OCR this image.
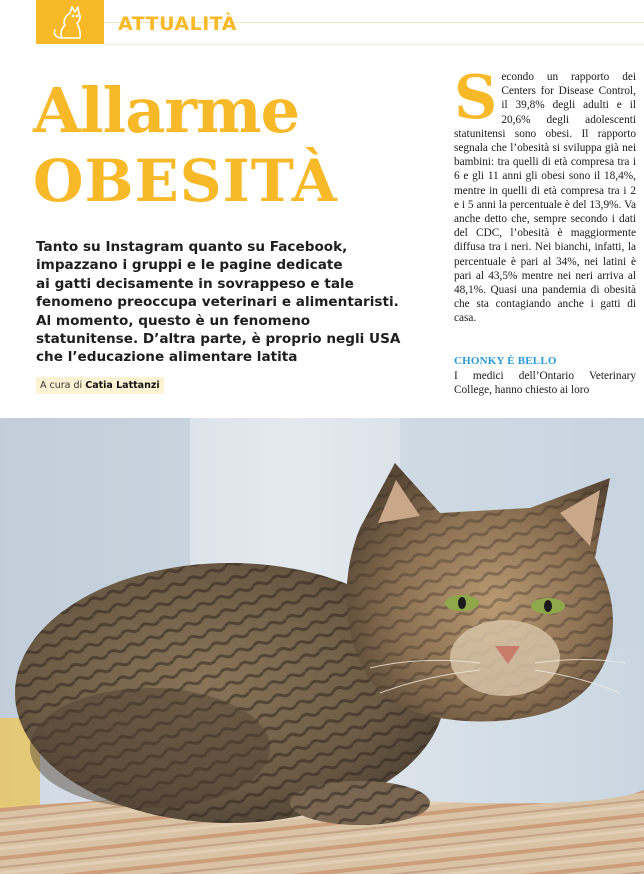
ATTUALITÀ
Allarme
OBESITÀ
Tanto su Instagram quanto su Facebook,
impazzano i gruppi e le pagine dedicate
ai gatti decisamente in sovrappeso e tale
fenomeno preoccupa veterinari e alimentaristi.
Al momento, questo è un fenomeno
statunitense. D’altra parte, è proprio negli USA
che l’educazione alimentare latita
A cura di Catia Lattanzi
S econdo un rapporto dei Centers for Disease Control, il 39,8% degli adulti e il 20,6% degli adolescenti statunitensi sono obesi. Il rapporto segnala che l’obesità si sviluppa già nei bambini: tra quelli di età compresa tra i 6 e gli 11 anni gli obesi sono il 18,4%, mentre in quelli di età compresa tra i 2 e i 5 anni la percentuale è del 13,9%. Va anche detto che, sempre secondo i dati del CDC, l’obesità è maggiormente diffusa tra i neri. Nei bianchi, infatti, la percentuale è pari al 34%, nei latini è pari al 43,5% mentre nei neri arriva al 48,1%. Quasi una pandemia di obesità che sta contagiando anche i gatti di casa.

CHONKY È BELLO
I medici dell’Ontario Veterinary College, hanno chiesto ai loro
